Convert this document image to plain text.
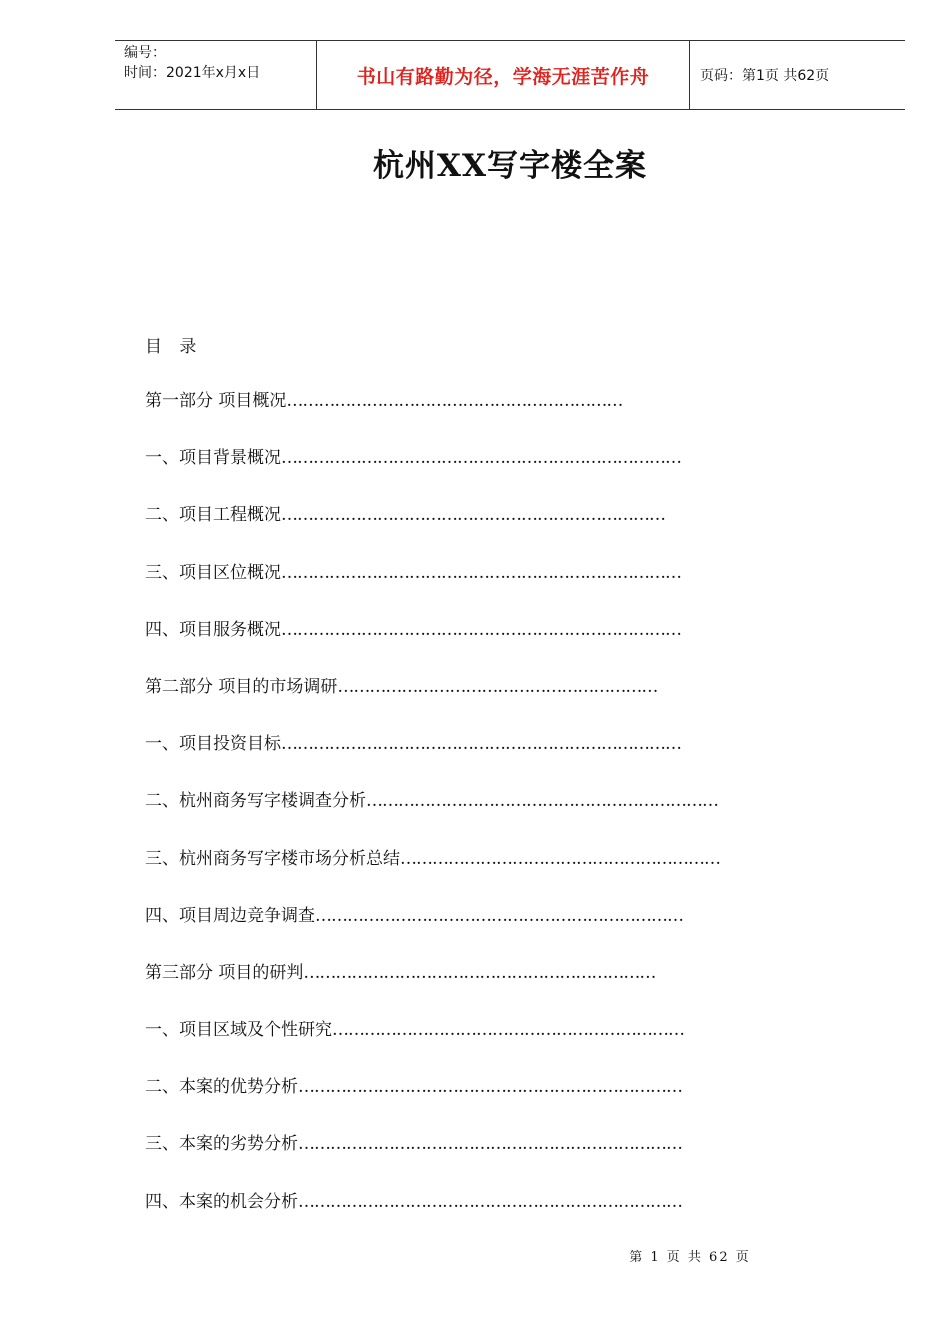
编号：
时间：2021年x月x日	书山有路勤为径，学海无涯苦作舟	页码：第1页 共62页
杭州XX写字楼全案
目 录
第一部分 项目概况………………………………………………………
一、项目背景概况…………………………………………………………………
二、项目工程概况………………………………………………………………
三、项目区位概况…………………………………………………………………
四、项目服务概况…………………………………………………………………
第二部分 项目的市场调研……………………………………………………
一、项目投资目标…………………………………………………………………
二、杭州商务写字楼调查分析…………………………………………………………
三、杭州商务写字楼市场分析总结……………………………………………………
四、项目周边竞争调查……………………………………………………………
第三部分 项目的研判…………………………………………………………
一、项目区域及个性研究…………………………………………………………
二、本案的优势分析………………………………………………………………
三、本案的劣势分析………………………………………………………………
四、本案的机会分析………………………………………………………………
第 1 页 共 62 页
